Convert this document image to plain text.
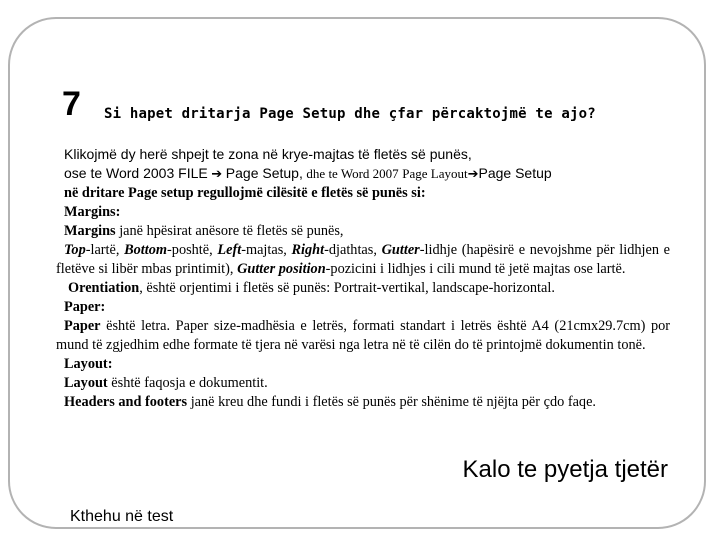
7 Si hapet dritarja Page Setup dhe çfar përcaktojmë te ajo?

Klikojmë dy herë shpejt te zona në krye-majtas të fletës së punës,

ose te Word 2003 FILE ➔ Page Setup, dhe te Word 2007 Page Layout➔Page Setup

në dritare Page setup regullojmë cilësitë e fletës së punës si:

Margins:

Margins janë hpësirat anësore të fletës së punës,

Top-lartë, Bottom-poshtë, Left-majtas, Right-djathtas, Gutter-lidhje (hapësirë e nevojshme për lidhjen e fletëve si libër mbas printimit), Gutter position-pozicini i lidhjes i cili mund të jetë majtas ose lartë.

Orentiation, është orjentimi i fletës së punës: Portrait-vertikal, landscape-horizontal.

Paper:

Paper është letra. Paper size-madhësia e letrës, formati standart i letrës është A4 (21cmx29.7cm) por mund të zgjedhim edhe formate të tjera në varësi nga letra në të cilën do të printojmë dokumentin tonë.

Layout:

Layout është faqosja e dokumentit.

Headers and footers janë kreu dhe fundi i fletës së punës për shënime të njëjta për çdo faqe.

Kalo te pyetja tjetër
Kthehu në test
